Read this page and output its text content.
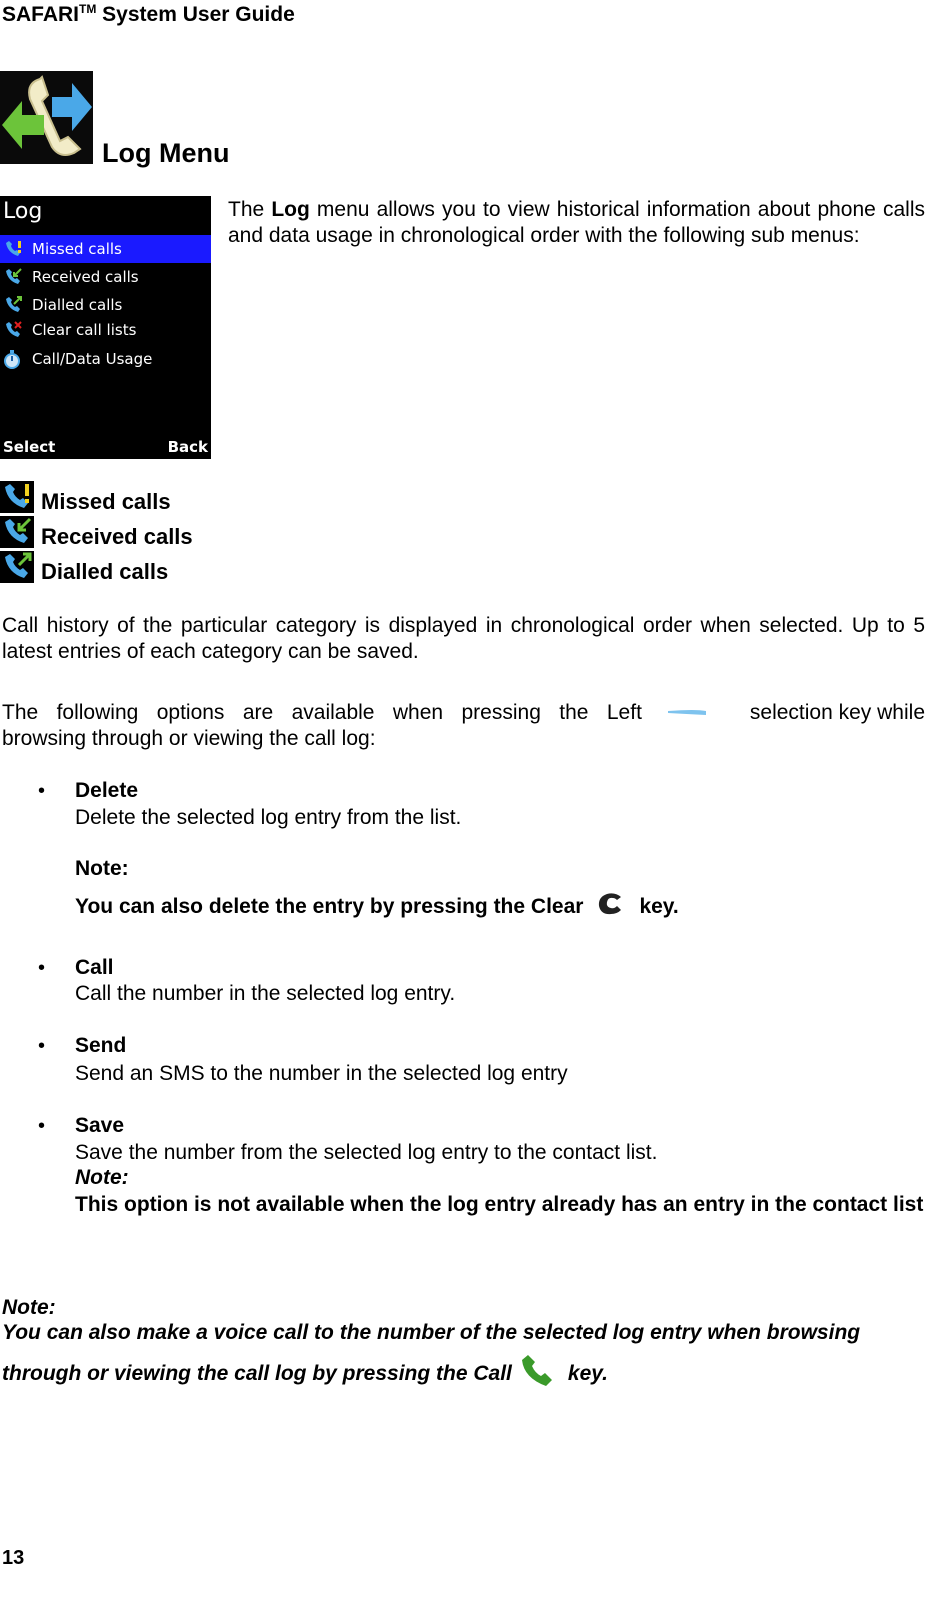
SAFARI™ System User Guide
Log Menu
Log
Missed calls
Received calls
Dialled calls
Clear call lists
Call/Data Usage
Select	Back
The Log menu allows you to view historical information about phone calls and data usage in chronological order with the following sub menus:
Missed calls
Received calls
Dialled calls
Call history of the particular category is displayed in chronological order when selected. Up to 5 latest entries of each category can be saved.
The following options are available when pressing the Left	selection key while
browsing through or viewing the call log:
• Delete
Delete the selected log entry from the list.
Note:
You can also delete the entry by pressing the Clear	key.
• Call
Call the number in the selected log entry.
• Send
Send an SMS to the number in the selected log entry
• Save
Save the number from the selected log entry to the contact list.
Note:
This option is not available when the log entry already has an entry in the contact list
Note:
You can also make a voice call to the number of the selected log entry when browsing
through or viewing the call log by pressing the Call	key.
13
